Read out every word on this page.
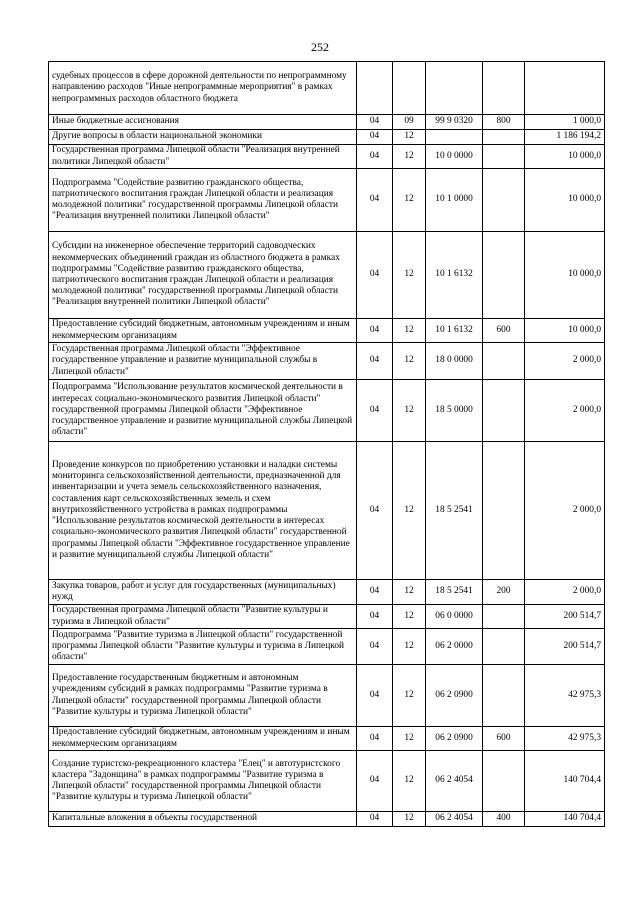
252
судебных процессов в сфере дорожной деятельности по непрограммному направлению расходов "Иные непрограммные мероприятия" в рамках непрограммных расходов областного бюджета					
Иные бюджетные ассигнования	04	09	99 9 0320	800	1 000,0
Другие вопросы в области национальной экономики	04	12			1 186 194,2
Государственная программа Липецкой области "Реализация внутренней политики Липецкой области"	04	12	10 0 0000		10 000,0
Подпрограмма "Содействие развитию гражданского общества, патриотического воспитания граждан Липецкой области и реализация молодежной политики" государственной программы Липецкой области "Реализация внутренней политики Липецкой области"	04	12	10 1 0000		10 000,0
Субсидии на инженерное обеспечение территорий садоводческих некоммерческих объединений граждан из областного бюджета в рамках подпрограммы "Содействие развитию гражданского общества, патриотического воспитания граждан Липецкой области и реализация молодежной политики" государственной программы Липецкой области "Реализация внутренней политики Липецкой области"	04	12	10 1 6132		10 000,0
Предоставление субсидий бюджетным, автономным учреждениям и иным некоммерческим организациям	04	12	10 1 6132	600	10 000,0
Государственная программа Липецкой области "Эффективное государственное управление и развитие муниципальной службы в Липецкой области"	04	12	18 0 0000		2 000,0
Подпрограмма "Использование результатов космической деятельности в интересах социально-экономического развития Липецкой области" государственной программы Липецкой области "Эффективное государственное управление и развитие муниципальной службы Липецкой области"	04	12	18 5 0000		2 000,0
Проведение конкурсов по приобретению установки и наладки системы мониторинга сельскохозяйственной деятельности, предназначенной для инвентаризации и учета земель сельскохозяйственного назначения, составления карт сельскохозяйственных земель и схем внутрихозяйственного устройства в рамках подпрограммы "Использование результатов космической деятельности в интересах социально-экономического развития Липецкой области" государственной программы Липецкой области "Эффективное государственное управление и развитие муниципальной службы Липецкой области"	04	12	18 5 2541		2 000,0
Закупка товаров, работ и услуг для государственных (муниципальных) нужд	04	12	18 5 2541	200	2 000,0
Государственная программа Липецкой области "Развитие культуры и туризма в Липецкой области"	04	12	06 0 0000		200 514,7
Подпрограмма "Развитие туризма в Липецкой области" государственной программы Липецкой области "Развитие культуры и туризма в Липецкой области"	04	12	06 2 0000		200 514,7
Предоставление государственным бюджетным и автономным учреждениям субсидий в рамках подпрограммы "Развитие туризма в Липецкой области" государственной программы Липецкой области "Развитие культуры и туризма Липецкой области"	04	12	06 2 0900		42 975,3
Предоставление субсидий бюджетным, автономным учреждениям и иным некоммерческим организациям	04	12	06 2 0900	600	42 975,3
Создание туристско-рекреационного кластера "Елец" и автотуристского кластера "Задонщина" в рамках подпрограммы "Развитие туризма в Липецкой области" государственной программы Липецкой области "Развитие культуры и туризма Липецкой области"	04	12	06 2 4054		140 704,4
Капитальные вложения в объекты государственной	04	12	06 2 4054	400	140 704,4
